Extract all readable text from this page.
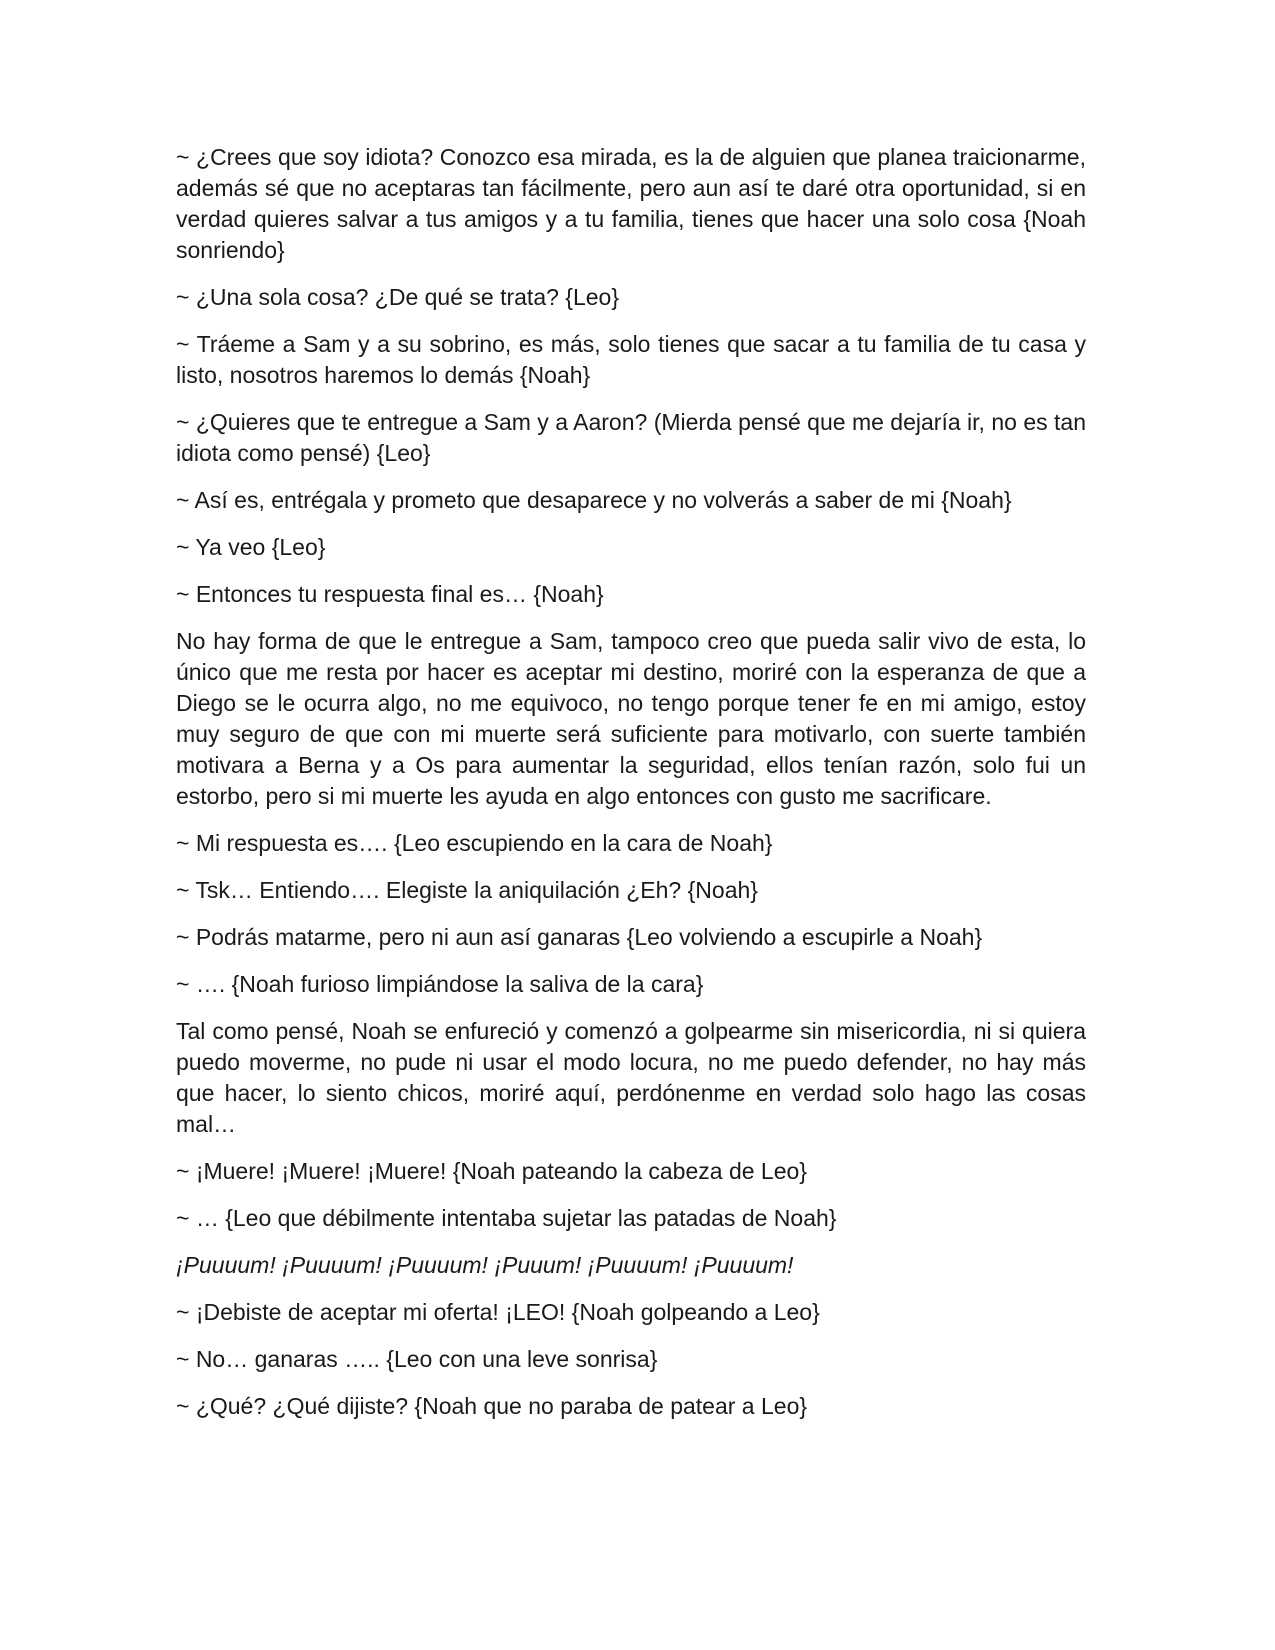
~ ¿Crees que soy idiota? Conozco esa mirada, es la de alguien que planea traicionarme, además sé que no aceptaras tan fácilmente, pero aun así te daré otra oportunidad, si en verdad quieres salvar a tus amigos y a tu familia, tienes que hacer una solo cosa {Noah sonriendo}

~ ¿Una sola cosa? ¿De qué se trata? {Leo}

~ Tráeme a Sam y a su sobrino, es más, solo tienes que sacar a tu familia de tu casa y listo, nosotros haremos lo demás {Noah}

~ ¿Quieres que te entregue a Sam y a Aaron? (Mierda pensé que me dejaría ir, no es tan idiota como pensé) {Leo}

~ Así es, entrégala y prometo que desaparece y no volverás a saber de mi {Noah}

~ Ya veo {Leo}

~ Entonces tu respuesta final es… {Noah}

No hay forma de que le entregue a Sam, tampoco creo que pueda salir vivo de esta, lo único que me resta por hacer es aceptar mi destino, moriré con la esperanza de que a Diego se le ocurra algo, no me equivoco, no tengo porque tener fe en mi amigo, estoy muy seguro de que con mi muerte será suficiente para motivarlo, con suerte también motivara a Berna y a Os para aumentar la seguridad, ellos tenían razón, solo fui un estorbo, pero si mi muerte les ayuda en algo entonces con gusto me sacrificare.

~ Mi respuesta es…. {Leo escupiendo en la cara de Noah}

~ Tsk… Entiendo…. Elegiste la aniquilación ¿Eh? {Noah}

~ Podrás matarme, pero ni aun así ganaras {Leo volviendo a escupirle a Noah}

~ …. {Noah furioso limpiándose la saliva de la cara}

Tal como pensé, Noah se enfureció y comenzó a golpearme sin misericordia, ni si quiera puedo moverme, no pude ni usar el modo locura, no me puedo defender, no hay más que hacer, lo siento chicos, moriré aquí, perdónenme en verdad solo hago las cosas mal…

~ ¡Muere! ¡Muere! ¡Muere! {Noah pateando la cabeza de Leo}

~ … {Leo que débilmente intentaba sujetar las patadas de Noah}

¡Puuuum! ¡Puuuum! ¡Puuuum! ¡Puuum! ¡Puuuum! ¡Puuuum!

~ ¡Debiste de aceptar mi oferta! ¡LEO! {Noah golpeando a Leo}

~ No… ganaras ….. {Leo con una leve sonrisa}

~ ¿Qué? ¿Qué dijiste? {Noah que no paraba de patear a Leo}
